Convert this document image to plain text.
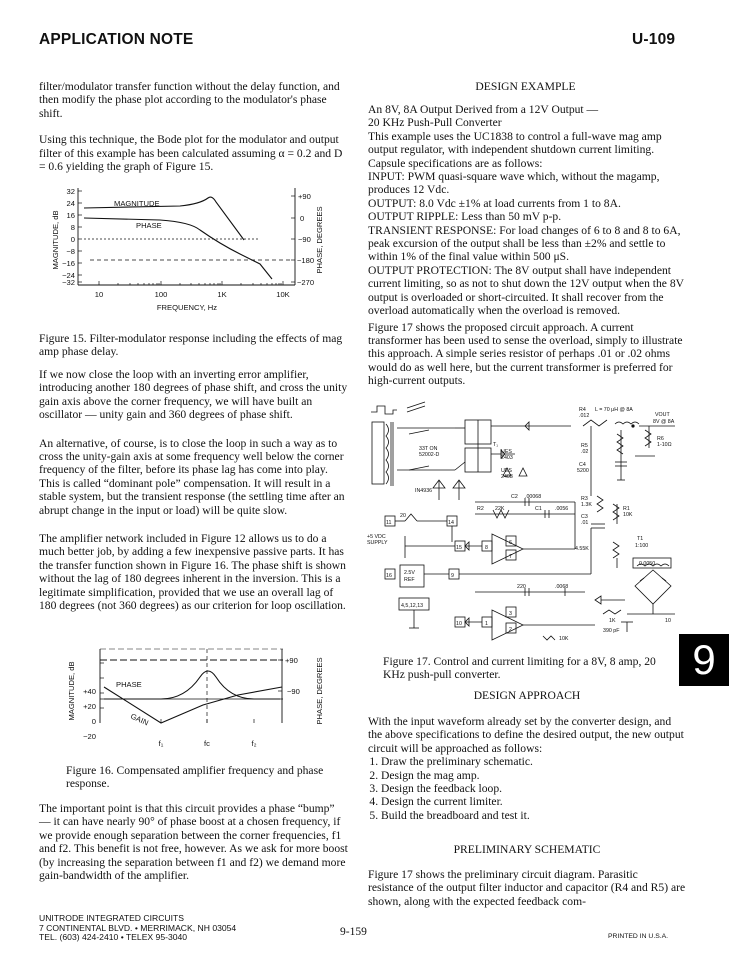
APPLICATION NOTE	U-109

filter/modulator transfer function without the delay function, and then modify the phase plot according to the modulator's phase shift.

Using this technique, the Bode plot for the modulator and output filter of this example has been calculated assuming α = 0.2 and D = 0.6 yielding the graph of Figure 15.

32
24
16
8
0
−8
−16
−24
−32
+90
0
−90
−180
−270
10	100	1K	10K
FREQUENCY, Hz
MAGNITUDE, dB	PHASE, DEGREES
MAGNITUDE
PHASE
Figure 15. Filter-modulator response including the effects of mag amp phase delay.

If we now close the loop with an inverting error amplifier, introducing another 180 degrees of phase shift, and cross the unity gain axis above the corner frequency, we will have built an oscillator — unity gain and 360 degrees of phase shift.

An alternative, of course, is to close the loop in such a way as to cross the unity-gain axis at some frequency well below the corner frequency of the filter, before its phase lag has come into play. This is called “dominant pole” compensation. It will result in a stable system, but the transient response (the settling time after an abrupt change in the input or load) will be quite slow.

The amplifier network included in Figure 12 allows us to do a much better job, by adding a few inexpensive passive parts. It has the transfer function shown in Figure 16. The phase shift is shown without the lag of 180 degrees inherent in the inversion. This is a legitimate simplification, provided that we use an overall lag of 180 degrees (not 360 degrees) as our criterion for loop oscillation.

+40
+20
0
−20
+90
−90
MAGNITUDE, dB	PHASE, DEGREES
PHASE
GAIN
f₁	fc	f₂
Figure 16. Compensated amplifier frequency and phase response.
The important point is that this circuit provides a phase “bump” — it can have nearly 90° of phase boost at a chosen frequency, if we provide enough separation between the corner frequencies, f1 and f2. This benefit is not free, however. As we ask for more boost (by increasing the separation between f1 and f2) we demand more gain-bandwidth of the amplifier.
DESIGN EXAMPLE
An 8V, 8A Output Derived from a 12V Output —
20 KHz Push-Pull Converter
This example uses the UC1838 to control a full-wave mag amp output regulator, with independent shutdown current limiting. Capsule specifications are as follows:
INPUT: PWM quasi-square wave which, without the magamp, produces 12 Vdc.
OUTPUT: 8.0 Vdc ±1% at load currents from 1 to 8A.
OUTPUT RIPPLE: Less than 50 mV p-p.
TRANSIENT RESPONSE: For load changes of 6 to 8 and 8 to 6A, peak excursion of the output shall be less than ±2% and settle to within 1% of the final value within 500 μS.
OUTPUT PROTECTION: The 8V output shall have independent current limiting, so as not to shut down the 12V output when the 8V output is overloaded or short-circuited. It shall recover from the overload automatically when the overload is removed.
Figure 17 shows the proposed circuit approach. A current transformer has been used to sense the overload, simply to illustrate this approach. A simple series resistor of perhaps .01 or .02 ohms would do as well here, but the current transformer is preferred for high-current outputs.
R4
.012
L = 70 μH @ 8A
VOUT
8V @ 8A
33T ON
52002-D
T₁
UES
2403
R5
.02
R6
1-10Ω
C4
5200
UES
2403
IN4936
C2 .00068
R2 22K	C1 .0056
R3
1.3K
C3
.01
R1
10K
20
11	14
+5 VDC
SUPPLY
15	8
6
7
4.55K
T1
1:100
0.0050
16 2.5V
REF
9
220	.0068
4,5,12,13
3
10	1
2
1K	10
390 pF
10K
Figure 17. Control and current limiting for a 8V, 8 amp, 20 KHz push-pull converter.
DESIGN APPROACH
With the input waveform already set by the converter design, and the above specifications to define the desired output, the new output circuit will be approached as follows:
1. Draw the preliminary schematic.
2. Design the mag amp.
3. Design the feedback loop.
4. Design the current limiter.
5. Build the breadboard and test it.
PRELIMINARY SCHEMATIC
Figure 17 shows the preliminary circuit diagram. Parasitic resistance of the output filter inductor and capacitor (R4 and R5) are shown, along with the expected feedback com-
9
UNITRODE INTEGRATED CIRCUITS
7 CONTINENTAL BLVD. • MERRIMACK, NH 03054
TEL. (603) 424-2410 • TELEX 95-3040	9-159	PRINTED IN U.S.A.
